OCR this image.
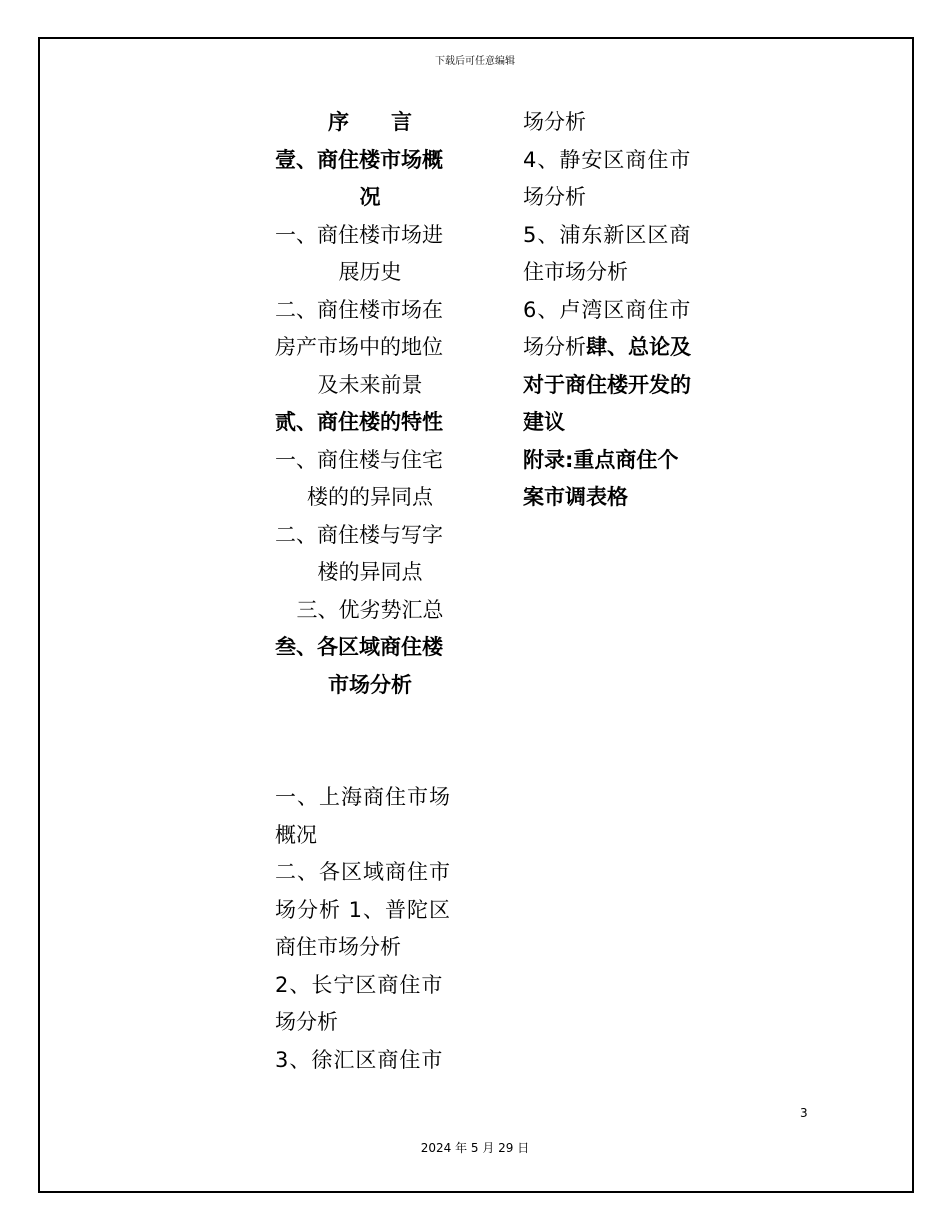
下载后可任意编辑
序　　言
壹、商住楼市场概
况
一、商住楼市场进
展历史
二、商住楼市场在
房产市场中的地位
及未来前景
贰、商住楼的特性
一、商住楼与住宅
楼的的异同点
二、商住楼与写字
楼的异同点
三、优劣势汇总
叁、各区域商住楼
市场分析
一、上海商住市场
概况
二、各区域商住市
场分析 1、普陀区
商住市场分析
2、长宁区商住市
场分析
3、徐汇区商住市
场分析
4、静安区商住市
场分析
5、浦东新区区商
住市场分析
6、卢湾区商住市
场分析肆、总论及
对于商住楼开发的
建议
附录:重点商住个
案市调表格
3
2024 年 5 月 29 日
